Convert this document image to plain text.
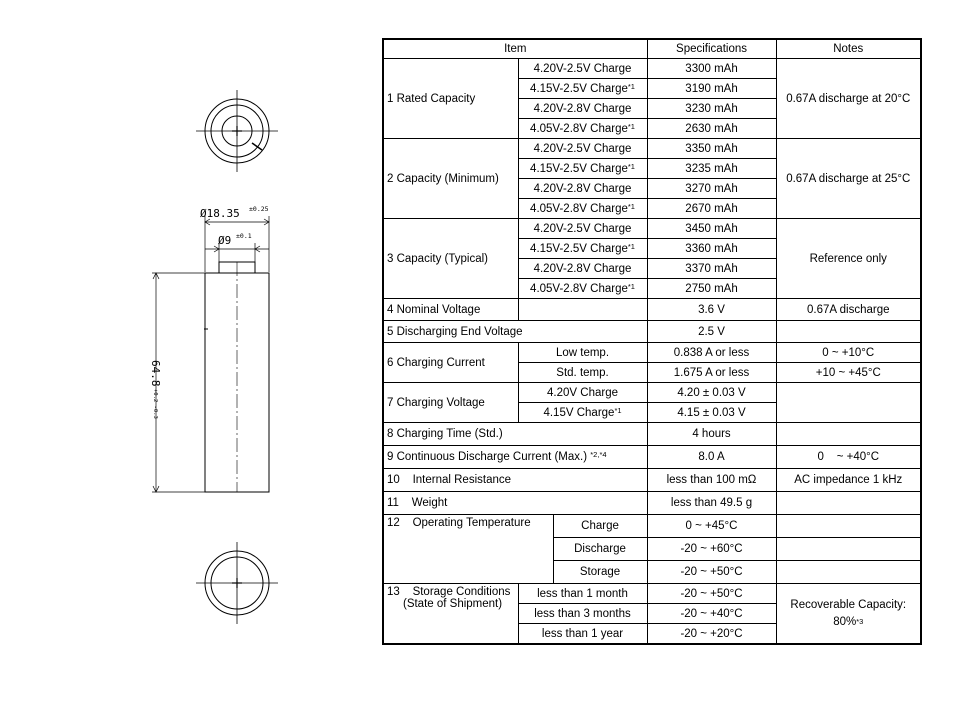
Ø18.35 ±0.25
Ø9 ±0.1
64.8
+0.2 -0.3
Item			Specifications	Notes
1 Rated Capacity	4.20V-2.5V Charge		3300 mAh	0.67A discharge at 20°C
	4.15V-2.5V Charge$^{*1}$		3190 mAh	
	4.20V-2.8V Charge		3230 mAh	
	4.05V-2.8V Charge$^{*1}$		2630 mAh	
2 Capacity (Minimum)	4.20V-2.5V Charge		3350 mAh	0.67A discharge at 25°C
	4.15V-2.5V Charge$^{*1}$		3235 mAh	
	4.20V-2.8V Charge		3270 mAh	
	4.05V-2.8V Charge$^{*1}$		2670 mAh	
3 Capacity (Typical)	4.20V-2.5V Charge		3450 mAh	Reference only
	4.15V-2.5V Charge$^{*1}$		3360 mAh	
	4.20V-2.8V Charge		3370 mAh	
	4.05V-2.8V Charge$^{*1}$		2750 mAh	
4 Nominal Voltage			3.6 V	0.67A discharge
5 Discharging End Voltage			2.5 V	
6 Charging Current	Low temp.		0.838 A or less	0 ~ +10°C
	Std. temp.		1.675 A or less	+10 ~ +45°C
7 Charging Voltage	4.20V Charge		4.20 ± 0.03 V	
	4.15V Charge$^{*1}$		4.15 ± 0.03 V	
8 Charging Time (Std.)			4 hours	
9 Continuous Discharge Current (Max.) $^{*2,*4}$			8.0 A	0    ~ +40°C
10    Internal Resistance			less than 100 mΩ	AC impedance 1 kHz
11    Weight			less than 49.5 g	
12    Operating Temperature		Charge	0 ~ +45°C	
		Discharge	-20 ~ +60°C	
		Storage	-20 ~ +50°C	
13    Storage Conditions
(State of Shipment)	less than 1 month		-20 ~ +50°C	Recoverable Capacity:
80%$^{*3}$
	less than 3 months		-20 ~ +40°C	
	less than 1 year		-20 ~ +20°C	
